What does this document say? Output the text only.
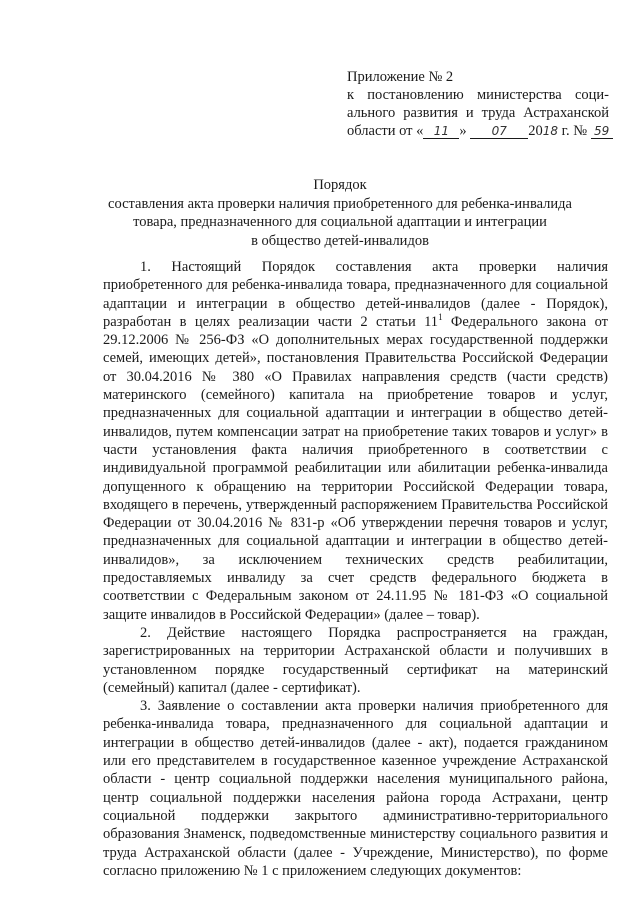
Приложение № 2
к постановлению министерства соци-
ального развития и труда Астраханской
области от « 11 » 07 2018 г. № 59
Порядок
составления акта проверки наличия приобретенного для ребенка-инвалида
товара, предназначенного для социальной адаптации и интеграции
в общество детей-инвалидов

1. Настоящий Порядок составления акта проверки наличия приобретенного для ребенка-инвалида товара, предназначенного для социальной адаптации и интеграции в общество детей-инвалидов (далее - Порядок), разработан в целях реализации части 2 статьи $11^1$ Федерального закона от 29.12.2006 № 256-ФЗ «О дополнительных мерах государственной поддержки семей, имеющих детей», постановления Правительства Российской Федерации от 30.04.2016 № 380 «О Правилах направления средств (части средств) материнского (семейного) капитала на приобретение товаров и услуг, предназначенных для социальной адаптации и интеграции в общество детей-инвалидов, путем компенсации затрат на приобретение таких товаров и услуг» в части установления факта наличия приобретенного в соответствии с индивидуальной программой реабилитации или абилитации ребенка-инвалида допущенного к обращению на территории Российской Федерации товара, входящего в перечень, утвержденный распоряжением Правительства Российской Федерации от 30.04.2016 № 831-р «Об утверждении перечня товаров и услуг, предназначенных для социальной адаптации и интеграции в общество детей-инвалидов», за исключением технических средств реабилитации, предоставляемых инвалиду за счет средств федерального бюджета в соответствии с Федеральным законом от 24.11.95 № 181-ФЗ «О социальной защите инвалидов в Российской Федерации» (далее – товар).

2. Действие настоящего Порядка распространяется на граждан, зарегистрированных на территории Астраханской области и получивших в установленном порядке государственный сертификат на материнский (семейный) капитал (далее - сертификат).

3. Заявление о составлении акта проверки наличия приобретенного для ребенка-инвалида товара, предназначенного для социальной адаптации и интеграции в общество детей-инвалидов (далее - акт), подается гражданином или его представителем в государственное казенное учреждение Астраханской области - центр социальной поддержки населения муниципального района, центр социальной поддержки населения района города Астрахани, центр социальной поддержки закрытого административно-территориального образования Знаменск, подведомственные министерству социального развития и труда Астраханской области (далее - Учреждение, Министерство), по форме согласно приложению № 1 с приложением следующих документов:
